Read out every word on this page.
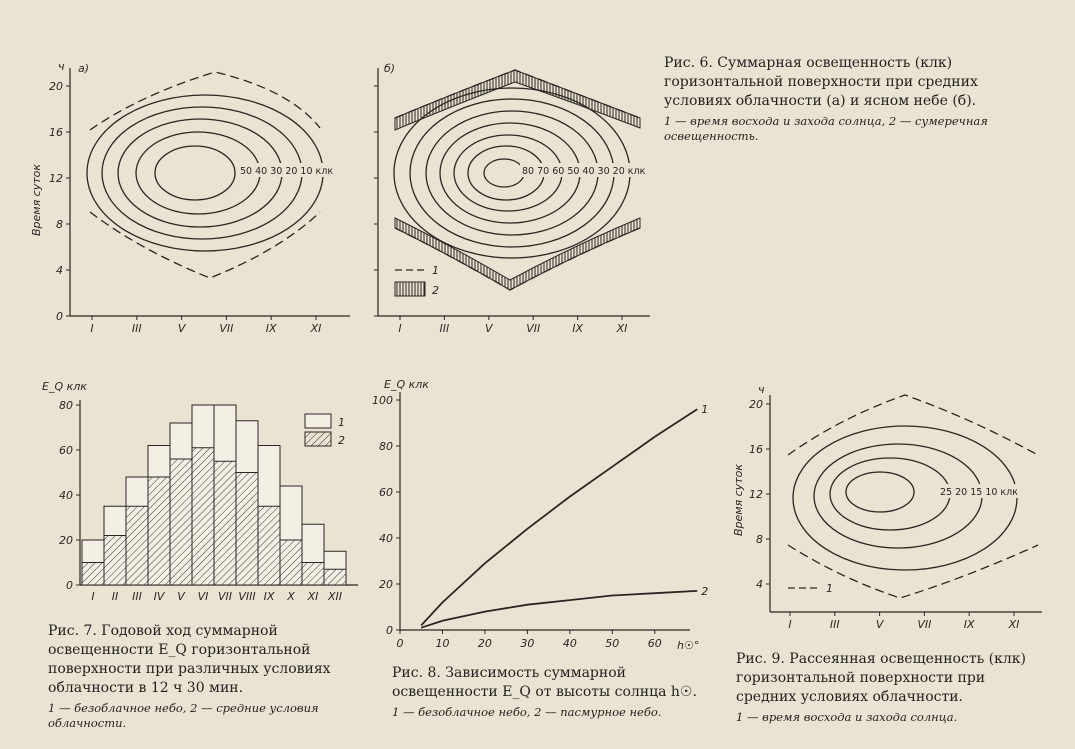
0
4
8
12
16
20
I	III	V	VII	IX	XI
ч а)
Время суток	50 40 30 20 10 клк
I	III	V	VII	IX	XI
б)
80 70 60 50 40 30 20 клк
1
2
0
20
40
60
80
I II III IV V VI VII VIII IX X XI XII
E_Q клк
1
2
0
20
40
60
80
100
0	10	20	30	40	50	60
1
2
E_Q клк
h☉°
4
8
12
16
20
I	III	V	VII	IX	XI
ч
Время суток	25 20 15 10 клк
1
Рис. 6. Суммарная освещенность (клк) горизонтальной поверхности при средних условиях облачности (а) и ясном небе (б).
1 — время восхода и захода солнца, 2 — сумеречная освещенность.
Рис. 7. Годовой ход суммарной освещенности E_Q горизонтальной поверхности при различных условиях облачности в 12 ч 30 мин.
1 — безоблачное небо, 2 — средние условия облачности.
Рис. 8. Зависимость суммарной освещенности E_Q от высоты солнца h☉.
1 — безоблачное небо, 2 — пасмурное небо.
Рис. 9. Рассеянная освещенность (клк) горизонтальной поверхности при средних условиях облачности.
1 — время восхода и захода солнца.
